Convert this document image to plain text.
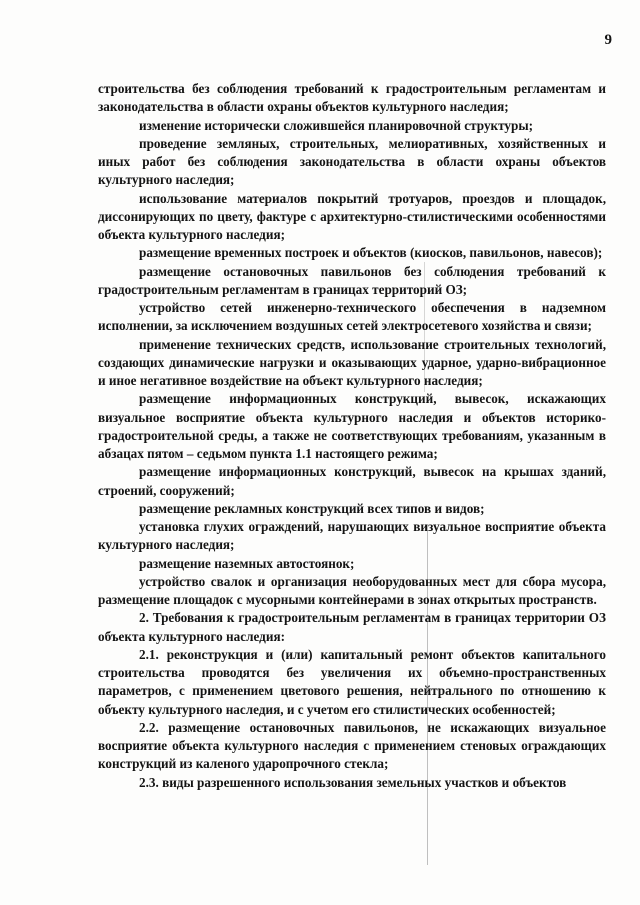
9

строительства без соблюдения требований к градостроительным регламентам и законодательства в области охраны объектов культурного наследия;

изменение исторически сложившейся планировочной структуры;

проведение земляных, строительных, мелиоративных, хозяйственных и иных работ без соблюдения законодательства в области охраны объектов культурного наследия;

использование материалов покрытий тротуаров, проездов и площадок, диссонирующих по цвету, фактуре с архитектурно-стилистическими особенностями объекта культурного наследия;

размещение временных построек и объектов (киосков, павильонов, навесов);

размещение остановочных павильонов без соблюдения требований к градостроительным регламентам в границах территорий ОЗ;

устройство сетей инженерно-технического обеспечения в надземном исполнении, за исключением воздушных сетей электросетевого хозяйства и связи;

применение технических средств, использование строительных технологий, создающих динамические нагрузки и оказывающих ударное, ударно-вибрационное и иное негативное воздействие на объект культурного наследия;

размещение информационных конструкций, вывесок, искажающих визуальное восприятие объекта культурного наследия и объектов историко-градостроительной среды, а также не соответствующих требованиям, указанным в абзацах пятом – седьмом пункта 1.1 настоящего режима;

размещение информационных конструкций, вывесок на крышах зданий, строений, сооружений;

размещение рекламных конструкций всех типов и видов;

установка глухих ограждений, нарушающих визуальное восприятие объекта культурного наследия;

размещение наземных автостоянок;

устройство свалок и организация необорудованных мест для сбора мусора, размещение площадок с мусорными контейнерами в зонах открытых пространств.

2. Требования к градостроительным регламентам в границах территории ОЗ объекта культурного наследия:

2.1. реконструкция и (или) капитальный ремонт объектов капитального строительства проводятся без увеличения их объемно-пространственных параметров, с применением цветового решения, нейтрального по отношению к объекту культурного наследия, и с учетом его стилистических особенностей;

2.2. размещение остановочных павильонов, не искажающих визуальное восприятие объекта культурного наследия с применением стеновых ограждающих конструкций из каленого ударопрочного стекла;

2.3. виды разрешенного использования земельных участков и объектов
